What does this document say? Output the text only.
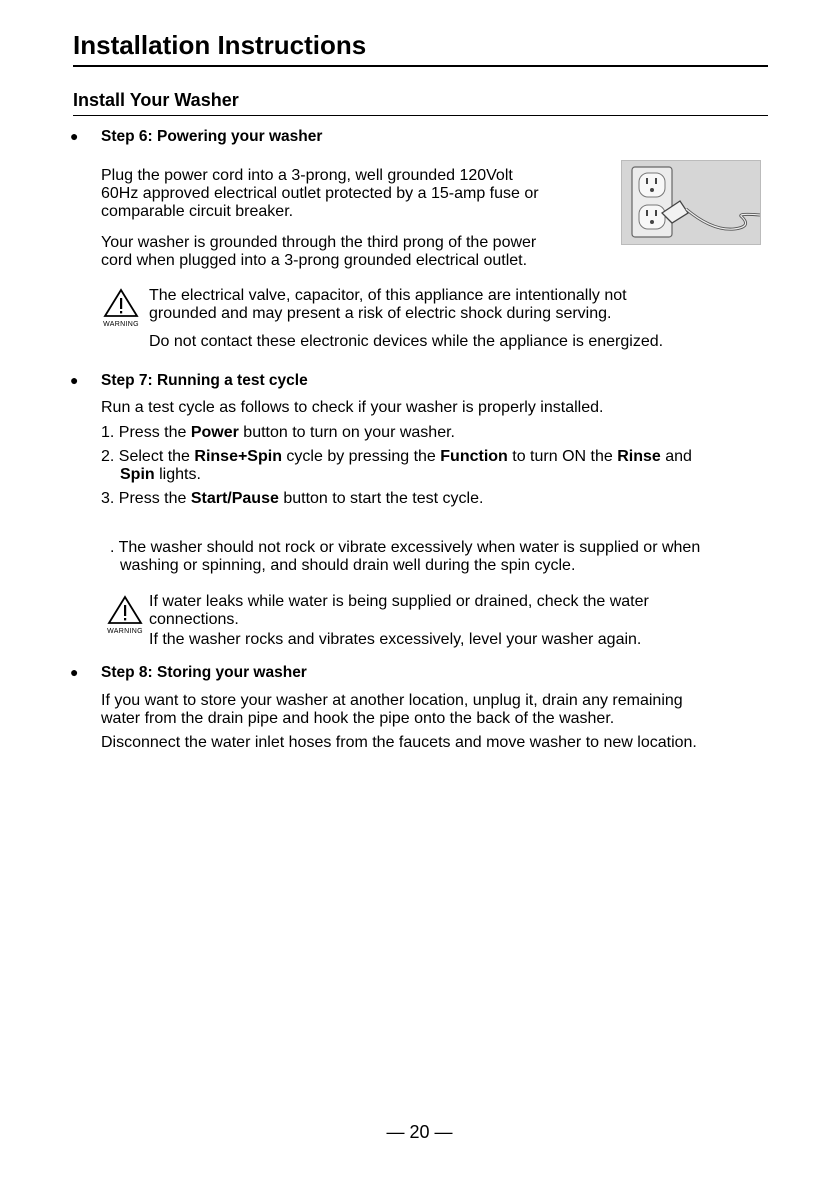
Installation Instructions
Install Your Washer
● Step 6: Powering your washer
Plug the power cord into a 3-prong, well grounded 120Volt
60Hz approved electrical outlet protected by a 15-amp fuse or
comparable circuit breaker.
Your washer is grounded through the third prong of the power
cord when plugged into a 3-prong grounded electrical outlet.
WARNING
The electrical valve, capacitor, of this appliance are intentionally not
grounded and may present a risk of electric shock during serving.
Do not contact these electronic devices while the appliance is energized.
● Step 7: Running a test cycle
Run a test cycle as follows to check if your washer is properly installed.
1. Press the Power button to turn on your washer.
2. Select the Rinse+Spin cycle by pressing the Function to turn ON the Rinse and
Spin lights.
3. Press the Start/Pause button to start the test cycle.
. The washer should not rock or vibrate excessively when water is supplied or when
washing or spinning, and should drain well during the spin cycle.
WARNING
If water leaks while water is being supplied or drained, check the water
connections.
If the washer rocks and vibrates excessively, level your washer again.
● Step 8: Storing your washer
If you want to store your washer at another location, unplug it, drain any remaining
water from the drain pipe and hook the pipe onto the back of the washer.
Disconnect the water inlet hoses from the faucets and move washer to new location.
— 20 —
